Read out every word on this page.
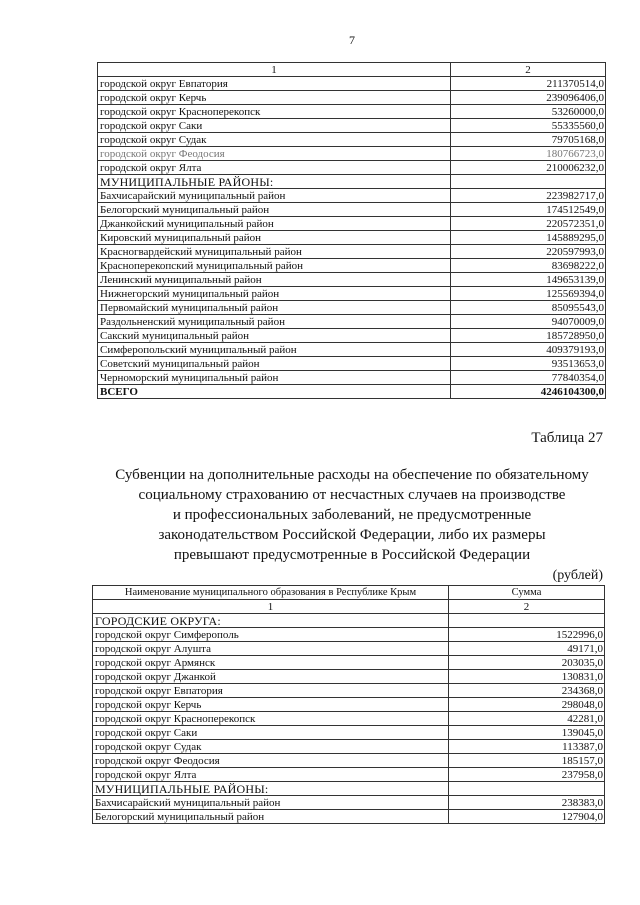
7
1	2
городской округ Евпатория	211370514,0
городской округ Керчь	239096406,0
городской округ Красноперекопск	53260000,0
городской округ Саки	55335560,0
городской округ Судак	79705168,0
городской округ Феодосия	180766723,0
городской округ Ялта	210006232,0
МУНИЦИПАЛЬНЫЕ РАЙОНЫ:	
Бахчисарайский муниципальный район	223982717,0
Белогорский муниципальный район	174512549,0
Джанкойский муниципальный район	220572351,0
Кировский муниципальный район	145889295,0
Красногвардейский муниципальный район	220597993,0
Красноперекопский муниципальный район	83698222,0
Ленинский муниципальный район	149653139,0
Нижнегорский муниципальный район	125569394,0
Первомайский муниципальный район	85095543,0
Раздольненский муниципальный район	94070009,0
Сакский муниципальный район	185728950,0
Симферопольский муниципальный район	409379193,0
Советский муниципальный район	93513653,0
Черноморский муниципальный район	77840354,0
ВСЕГО	4246104300,0
Таблица 27
Субвенции на дополнительные расходы на обеспечение по обязательному
социальному страхованию от несчастных случаев на производстве
и профессиональных заболеваний, не предусмотренные
законодательством Российской Федерации, либо их размеры
превышают предусмотренные в Российской Федерации
(рублей)
Наименование муниципального образования в Республике Крым	Сумма
1	2
ГОРОДСКИЕ ОКРУГА:	
городской округ Симферополь	1522996,0
городской округ Алушта	49171,0
городской округ Армянск	203035,0
городской округ Джанкой	130831,0
городской округ Евпатория	234368,0
городской округ Керчь	298048,0
городской округ Красноперекопск	42281,0
городской округ Саки	139045,0
городской округ Судак	113387,0
городской округ Феодосия	185157,0
городской округ Ялта	237958,0
МУНИЦИПАЛЬНЫЕ РАЙОНЫ:	
Бахчисарайский муниципальный район	238383,0
Белогорский муниципальный район	127904,0
